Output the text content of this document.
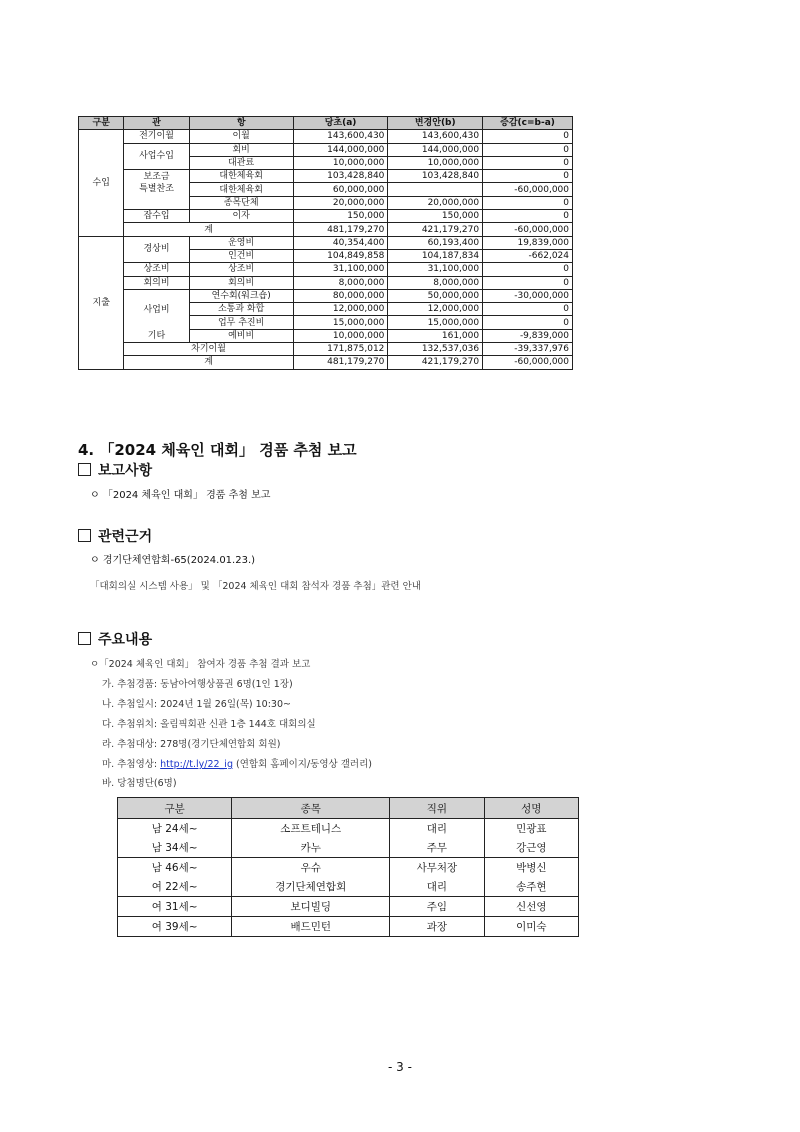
구분	관	항	당초(a)	변경안(b)	증감(c=b-a)
수입	전기이월	이월	143,600,430	143,600,430	0
	사업수입	회비	144,000,000	144,000,000	0
		대관료	10,000,000	10,000,000	0
	보조금	대한체육회	103,428,840	103,428,840	0
	특별찬조	대한체육회	60,000,000		-60,000,000
		종목단체	20,000,000	20,000,000	0
	잡수입	이자	150,000	150,000	0
	계		481,179,270	421,179,270	-60,000,000
지출	경상비	운영비	40,354,400	60,193,400	19,839,000
		인건비	104,849,858	104,187,834	-662,024
	상조비	상조비	31,100,000	31,100,000	0
	회의비	회의비	8,000,000	8,000,000	0
	사업비	연수회(워크숍)	80,000,000	50,000,000	-30,000,000
		소통과 화합	12,000,000	12,000,000	0
		업무 추진비	15,000,000	15,000,000	0
	기타	예비비	10,000,000	161,000	-9,839,000
	차기이월		171,875,012	132,537,036	-39,337,976
	계		481,179,270	421,179,270	-60,000,000
4. 「2024 체육인 대회」 경품 추첨 보고
보고사항
ㅇ 「2024 체육인 대회」 경품 추첨 보고
관련근거
ㅇ 경기단체연합회-65(2024.01.23.)
「대회의실 시스템 사용」 및 「2024 체육인 대회 참석자 경품 추첨」관련 안내
주요내용
ㅇ「2024 체육인 대회」 참여자 경품 추첨 결과 보고
가. 추첨경품: 동남아여행상품권 6명(1인 1장)
나. 추첨일시: 2024년 1월 26일(목) 10:30~
다. 추첨위치: 올림픽회관 신관 1층 144호 대회의실
라. 추첨대상: 278명(경기단체연합회 회원)
마. 추첨영상: http://t.ly/22_ig (연합회 홈페이지/동영상 갤러리)
바. 당첨명단(6명)
구분	종목	직위	성명
남 24세~	소프트테니스	대리	민광표
남 34세~	카누	주무	강근영
남 46세~	우슈	사무처장	박병신
여 22세~	경기단체연합회	대리	송주현
여 31세~	보디빌딩	주임	신선영
여 39세~	배드민턴	과장	이미숙
- 3 -
